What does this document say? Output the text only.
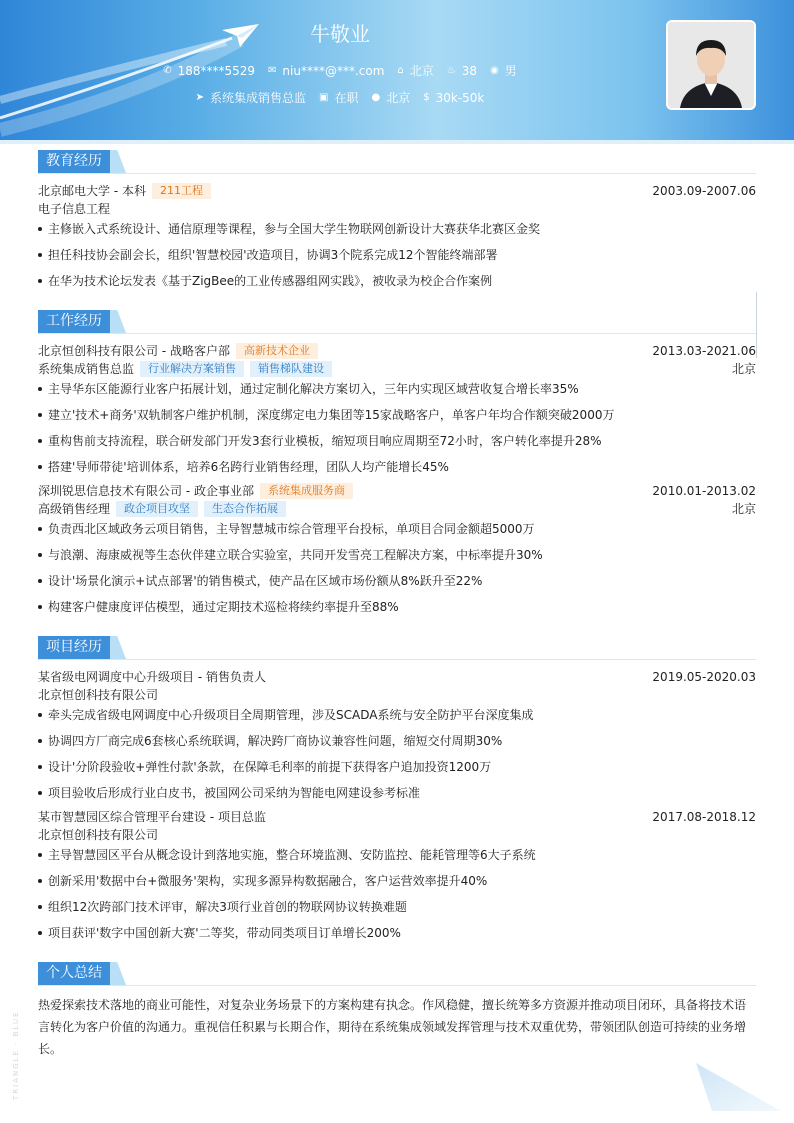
牛敬业
✆ 188****5529 ✉ niu****@***.com ⌂ 北京 ♨ 38 ◉ 男
➤ 系统集成销售总监 ▣ 在职 ● 北京 $ 30k-50k
教育经历
北京邮电大学 - 本科	211工程	2003.09-2007.06
电子信息工程
主修嵌入式系统设计、通信原理等课程，参与全国大学生物联网创新设计大赛获华北赛区金奖
担任科技协会副会长，组织'智慧校园'改造项目，协调3个院系完成12个智能终端部署
在华为技术论坛发表《基于ZigBee的工业传感器组网实践》，被收录为校企合作案例
工作经历
北京恒创科技有限公司 - 战略客户部	高新技术企业	2013.03-2021.06
系统集成销售总监	行业解决方案销售	销售梯队建设	北京
主导华东区能源行业客户拓展计划，通过定制化解决方案切入，三年内实现区域营收复合增长率35%
建立'技术+商务'双轨制客户维护机制，深度绑定电力集团等15家战略客户，单客户年均合作额突破2000万
重构售前支持流程，联合研发部门开发3套行业模板，缩短项目响应周期至72小时，客户转化率提升28%
搭建'导师带徒'培训体系，培养6名跨行业销售经理，团队人均产能增长45%
深圳锐思信息技术有限公司 - 政企事业部	系统集成服务商	2010.01-2013.02
高级销售经理	政企项目攻坚	生态合作拓展	北京
负责西北区域政务云项目销售，主导智慧城市综合管理平台投标，单项目合同金额超5000万
与浪潮、海康威视等生态伙伴建立联合实验室，共同开发雪亮工程解决方案，中标率提升30%
设计'场景化演示+试点部署'的销售模式，使产品在区域市场份额从8%跃升至22%
构建客户健康度评估模型，通过定期技术巡检将续约率提升至88%
项目经历
某省级电网调度中心升级项目 - 销售负责人	2019.05-2020.03
北京恒创科技有限公司
牵头完成省级电网调度中心升级项目全周期管理，涉及SCADA系统与安全防护平台深度集成
协调四方厂商完成6套核心系统联调，解决跨厂商协议兼容性问题，缩短交付周期30%
设计'分阶段验收+弹性付款'条款，在保障毛利率的前提下获得客户追加投资1200万
项目验收后形成行业白皮书，被国网公司采纳为智能电网建设参考标准
某市智慧园区综合管理平台建设 - 项目总监	2017.08-2018.12
北京恒创科技有限公司
主导智慧园区平台从概念设计到落地实施，整合环境监测、安防监控、能耗管理等6大子系统
创新采用'数据中台+微服务'架构，实现多源异构数据融合，客户运营效率提升40%
组织12次跨部门技术评审，解决3项行业首创的物联网协议转换难题
项目获评'数字中国创新大赛'二等奖，带动同类项目订单增长200%
个人总结
热爱探索技术落地的商业可能性，对复杂业务场景下的方案构建有执念。作风稳健，擅长统筹多方资源并推动项目闭环，具备将技术语言转化为客户价值的沟通力。重视信任积累与长期合作，期待在系统集成领域发挥管理与技术双重优势，带领团队创造可持续的业务增长。
TRIANGLE · BLUE
